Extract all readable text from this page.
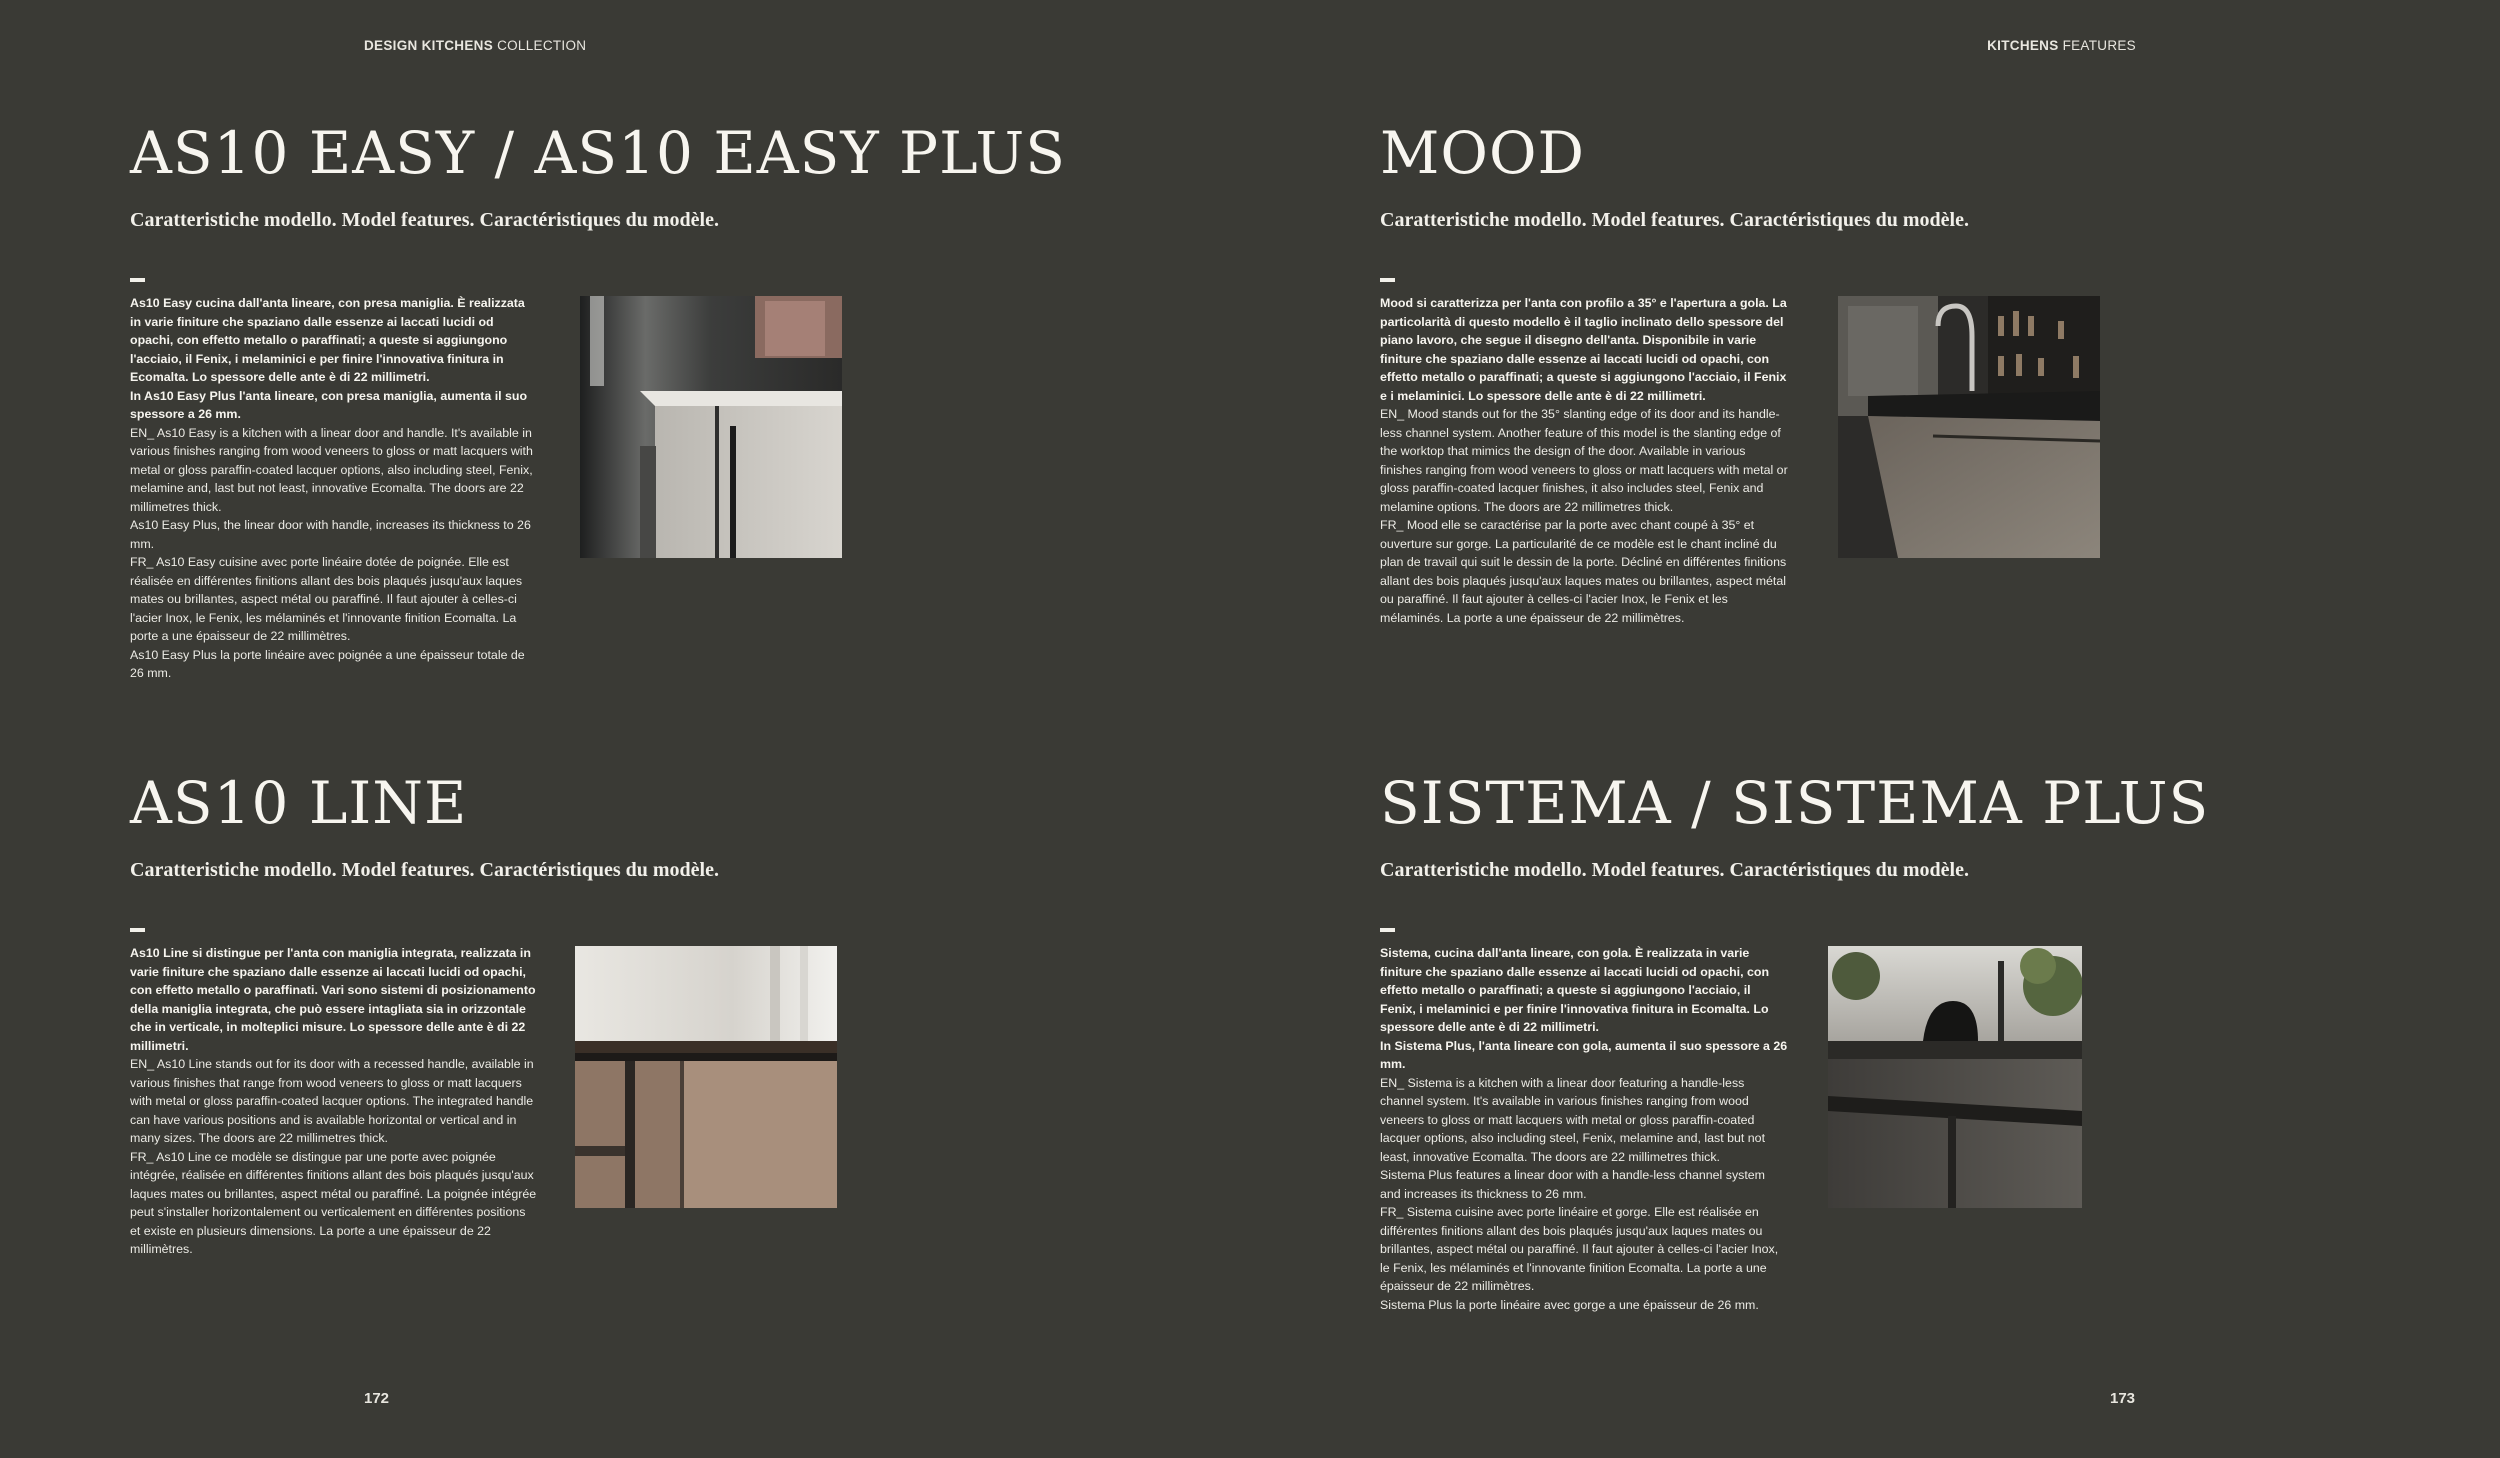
DESIGN KITCHENS COLLECTION	KITCHENS FEATURES
AS10 EASY / AS10 EASY PLUS
Caratteristiche modello. Model features. Caractéristiques du modèle.

As10 Easy cucina dall'anta lineare, con presa maniglia. È realizzata in varie finiture che spaziano dalle essenze ai laccati lucidi od opachi, con effetto metallo o paraffinati; a queste si aggiungono l'acciaio, il Fenix, i melaminici e per finire l'innovativa finitura in Ecomalta. Lo spessore delle ante è di 22 millimetri.

In As10 Easy Plus l'anta lineare, con presa maniglia, aumenta il suo spessore a 26 mm.

EN_ As10 Easy is a kitchen with a linear door and handle. It's available in various finishes ranging from wood veneers to gloss or matt lacquers with metal or gloss paraffin-coated lacquer options, also including steel, Fenix, melamine and, last but not least, innovative Ecomalta. The doors are 22 millimetres thick.

As10 Easy Plus, the linear door with handle, increases its thickness to 26 mm.

FR_ As10 Easy cuisine avec porte linéaire dotée de poignée. Elle est réalisée en différentes finitions allant des bois plaqués jusqu'aux laques mates ou brillantes, aspect métal ou paraffiné. Il faut ajouter à celles-ci l'acier Inox, le Fenix, les mélaminés et l'innovante finition Ecomalta. La porte a une épaisseur de 22 millimètres.

As10 Easy Plus la porte linéaire avec poignée a une épaisseur totale de 26 mm.

MOOD
Caratteristiche modello. Model features. Caractéristiques du modèle.

Mood si caratterizza per l'anta con profilo a 35° e l'apertura a gola. La particolarità di questo modello è il taglio inclinato dello spessore del piano lavoro, che segue il disegno dell'anta. Disponibile in varie finiture che spaziano dalle essenze ai laccati lucidi od opachi, con effetto metallo o paraffinati; a queste si aggiungono l'acciaio, il Fenix e i melaminici. Lo spessore delle ante è di 22 millimetri.

EN_ Mood stands out for the 35° slanting edge of its door and its handle-less channel system. Another feature of this model is the slanting edge of the worktop that mimics the design of the door. Available in various finishes ranging from wood veneers to gloss or matt lacquers with metal or gloss paraffin-coated lacquer finishes, it also includes steel, Fenix and melamine options. The doors are 22 millimetres thick.

FR_ Mood elle se caractérise par la porte avec chant coupé à 35° et ouverture sur gorge. La particularité de ce modèle est le chant incliné du plan de travail qui suit le dessin de la porte. Décliné en différentes finitions allant des bois plaqués jusqu'aux laques mates ou brillantes, aspect métal ou paraffiné. Il faut ajouter à celles-ci l'acier Inox, le Fenix et les mélaminés. La porte a une épaisseur de 22 millimètres.

AS10 LINE
Caratteristiche modello. Model features. Caractéristiques du modèle.

As10 Line si distingue per l'anta con maniglia integrata, realizzata in varie finiture che spaziano dalle essenze ai laccati lucidi od opachi, con effetto metallo o paraffinati. Vari sono sistemi di posizionamento della maniglia integrata, che può essere intagliata sia in orizzontale che in verticale, in molteplici misure. Lo spessore delle ante è di 22 millimetri.

EN_ As10 Line stands out for its door with a recessed handle, available in various finishes that range from wood veneers to gloss or matt lacquers with metal or gloss paraffin-coated lacquer options. The integrated handle can have various positions and is available horizontal or vertical and in many sizes. The doors are 22 millimetres thick.

FR_ As10 Line ce modèle se distingue par une porte avec poignée intégrée, réalisée en différentes finitions allant des bois plaqués jusqu'aux laques mates ou brillantes, aspect métal ou paraffiné. La poignée intégrée peut s'installer horizontalement ou verticalement en différentes positions et existe en plusieurs dimensions. La porte a une épaisseur de 22 millimètres.

SISTEMA / SISTEMA PLUS
Caratteristiche modello. Model features. Caractéristiques du modèle.

Sistema, cucina dall'anta lineare, con gola. È realizzata in varie finiture che spaziano dalle essenze ai laccati lucidi od opachi, con effetto metallo o paraffinati; a queste si aggiungono l'acciaio, il Fenix, i melaminici e per finire l'innovativa finitura in Ecomalta. Lo spessore delle ante è di 22 millimetri.

In Sistema Plus, l'anta lineare con gola, aumenta il suo spessore a 26 mm.

EN_ Sistema is a kitchen with a linear door featuring a handle-less channel system. It's available in various finishes ranging from wood veneers to gloss or matt lacquers with metal or gloss paraffin-coated lacquer options, also including steel, Fenix, melamine and, last but not least, innovative Ecomalta. The doors are 22 millimetres thick.

Sistema Plus features a linear door with a handle-less channel system and increases its thickness to 26 mm.

FR_ Sistema cuisine avec porte linéaire et gorge. Elle est réalisée en différentes finitions allant des bois plaqués jusqu'aux laques mates ou brillantes, aspect métal ou paraffiné. Il faut ajouter à celles-ci l'acier Inox, le Fenix, les mélaminés et l'innovante finition Ecomalta. La porte a une épaisseur de 22 millimètres.

Sistema Plus la porte linéaire avec gorge a une épaisseur de 26 mm.

172	173
